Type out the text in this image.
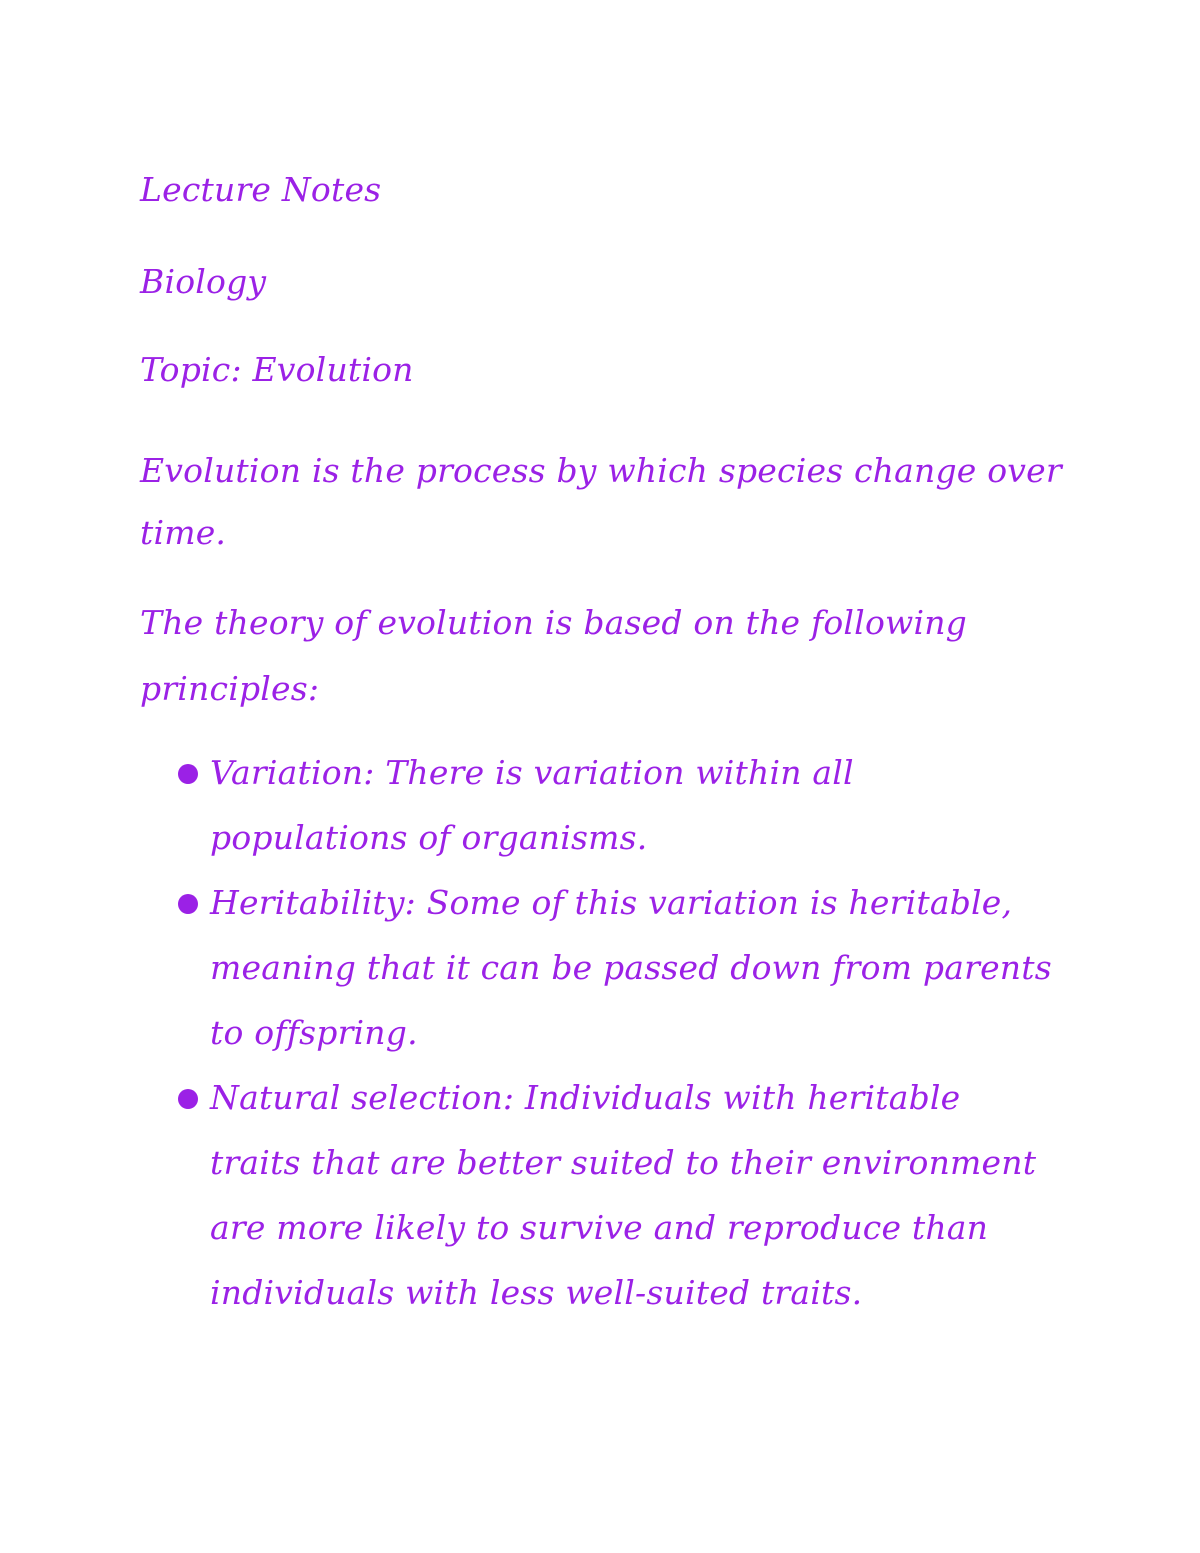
Lecture Notes

Biology

Topic: Evolution

Evolution is the process by which species change over
time.

The theory of evolution is based on the following
principles:

Variation: There is variation within all
populations of organisms.
Heritability: Some of this variation is heritable,
meaning that it can be passed down from parents
to offspring.
Natural selection: Individuals with heritable
traits that are better suited to their environment
are more likely to survive and reproduce than
individuals with less well-suited traits.
